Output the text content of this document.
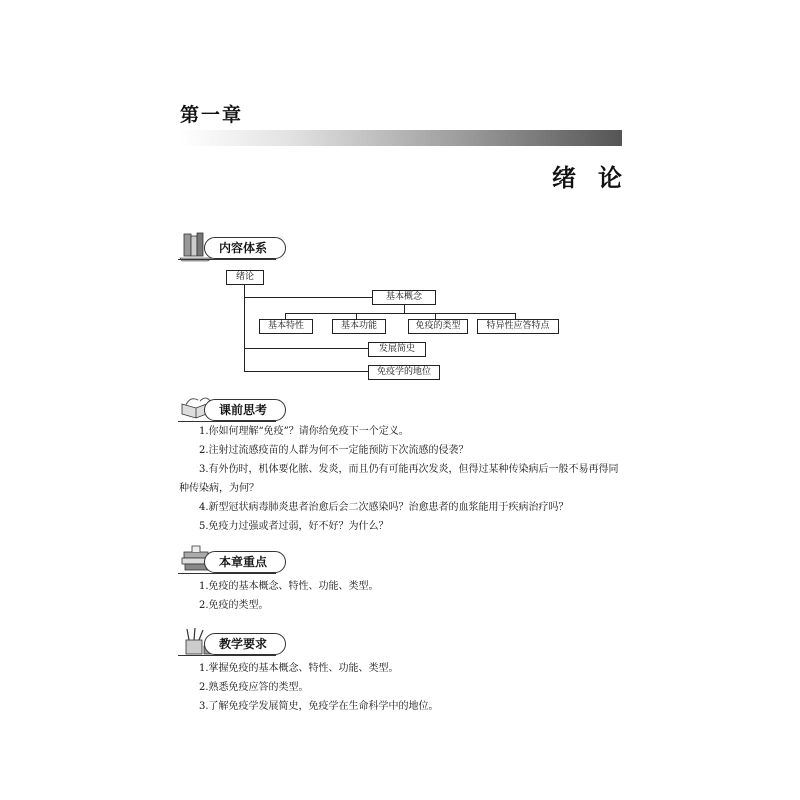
第一章
绪论
内容体系
绪论
基本概念
基本特性	基本功能	免疫的类型	特异性应答特点
发展简史
免疫学的地位
课前思考
1.你如何理解“免疫”？请你给免疫下一个定义。
2.注射过流感疫苗的人群为何不一定能预防下次流感的侵袭？
3.有外伤时，机体要化脓、发炎，而且仍有可能再次发炎，但得过某种传染病后一般不易再得同种传染病，为何？
4.新型冠状病毒肺炎患者治愈后会二次感染吗？治愈患者的血浆能用于疾病治疗吗？
5.免疫力过强或者过弱，好不好？为什么？
本章重点
1.免疫的基本概念、特性、功能、类型。
2.免疫的类型。
教学要求
1.掌握免疫的基本概念、特性、功能、类型。
2.熟悉免疫应答的类型。
3.了解免疫学发展简史，免疫学在生命科学中的地位。
